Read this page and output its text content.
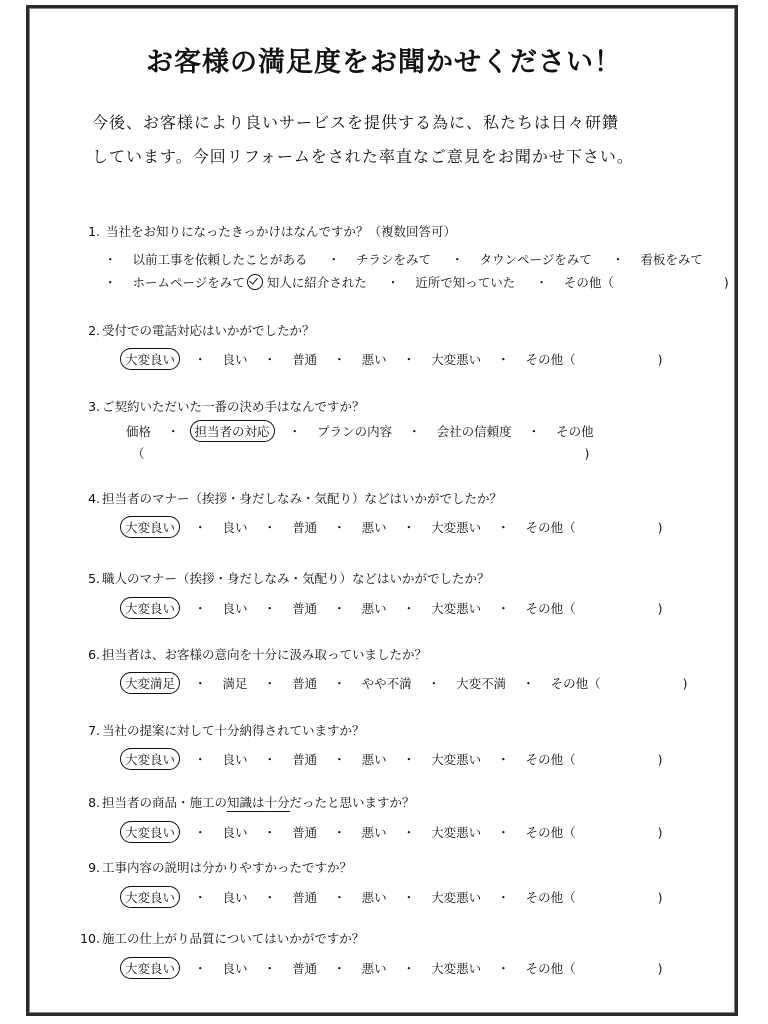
お客様の満足度をお聞かせください！
今後、お客様により良いサービスを提供する為に、私たちは日々研鑽
しています。今回リフォームをされた率直なご意見をお聞かせ下さい。
1. 当社をお知りになったきっかけはなんですか？（複数回答可）
・ 以前工事を依頼したことがある ・ チラシをみて ・ タウンページをみて ・ 看板をみて
・ ホームページをみて 知人に紹介された ・ 近所で知っていた ・ その他（	)
2. 受付での電話対応はいかがでしたか？
大変良い ・ 良い ・ 普通 ・ 悪い ・ 大変悪い ・ その他（	)
3. ご契約いただいた一番の決め手はなんですか？
価格 ・ 担当者の対応 ・ プランの内容 ・ 会社の信頼度 ・ その他
（	)
4. 担当者のマナー（挨拶・身だしなみ・気配り）などはいかがでしたか？
大変良い ・ 良い ・ 普通 ・ 悪い ・ 大変悪い ・ その他（	)
5. 職人のマナー（挨拶・身だしなみ・気配り）などはいかがでしたか？
大変良い ・ 良い ・ 普通 ・ 悪い ・ 大変悪い ・ その他（	)
6. 担当者は、お客様の意向を十分に汲み取っていましたか？
大変満足 ・ 満足 ・ 普通 ・ やや不満 ・ 大変不満 ・ その他（	)
7. 当社の提案に対して十分納得されていますか？
大変良い ・ 良い ・ 普通 ・ 悪い ・ 大変悪い ・ その他（	)
8. 担当者の商品・施工の知識は十分だったと思いますか？
大変良い ・ 良い ・ 普通 ・ 悪い ・ 大変悪い ・ その他（	)
9. 工事内容の説明は分かりやすかったですか？
大変良い ・ 良い ・ 普通 ・ 悪い ・ 大変悪い ・ その他（	)
10. 施工の仕上がり品質についてはいかがですか？
大変良い ・ 良い ・ 普通 ・ 悪い ・ 大変悪い ・ その他（	)
